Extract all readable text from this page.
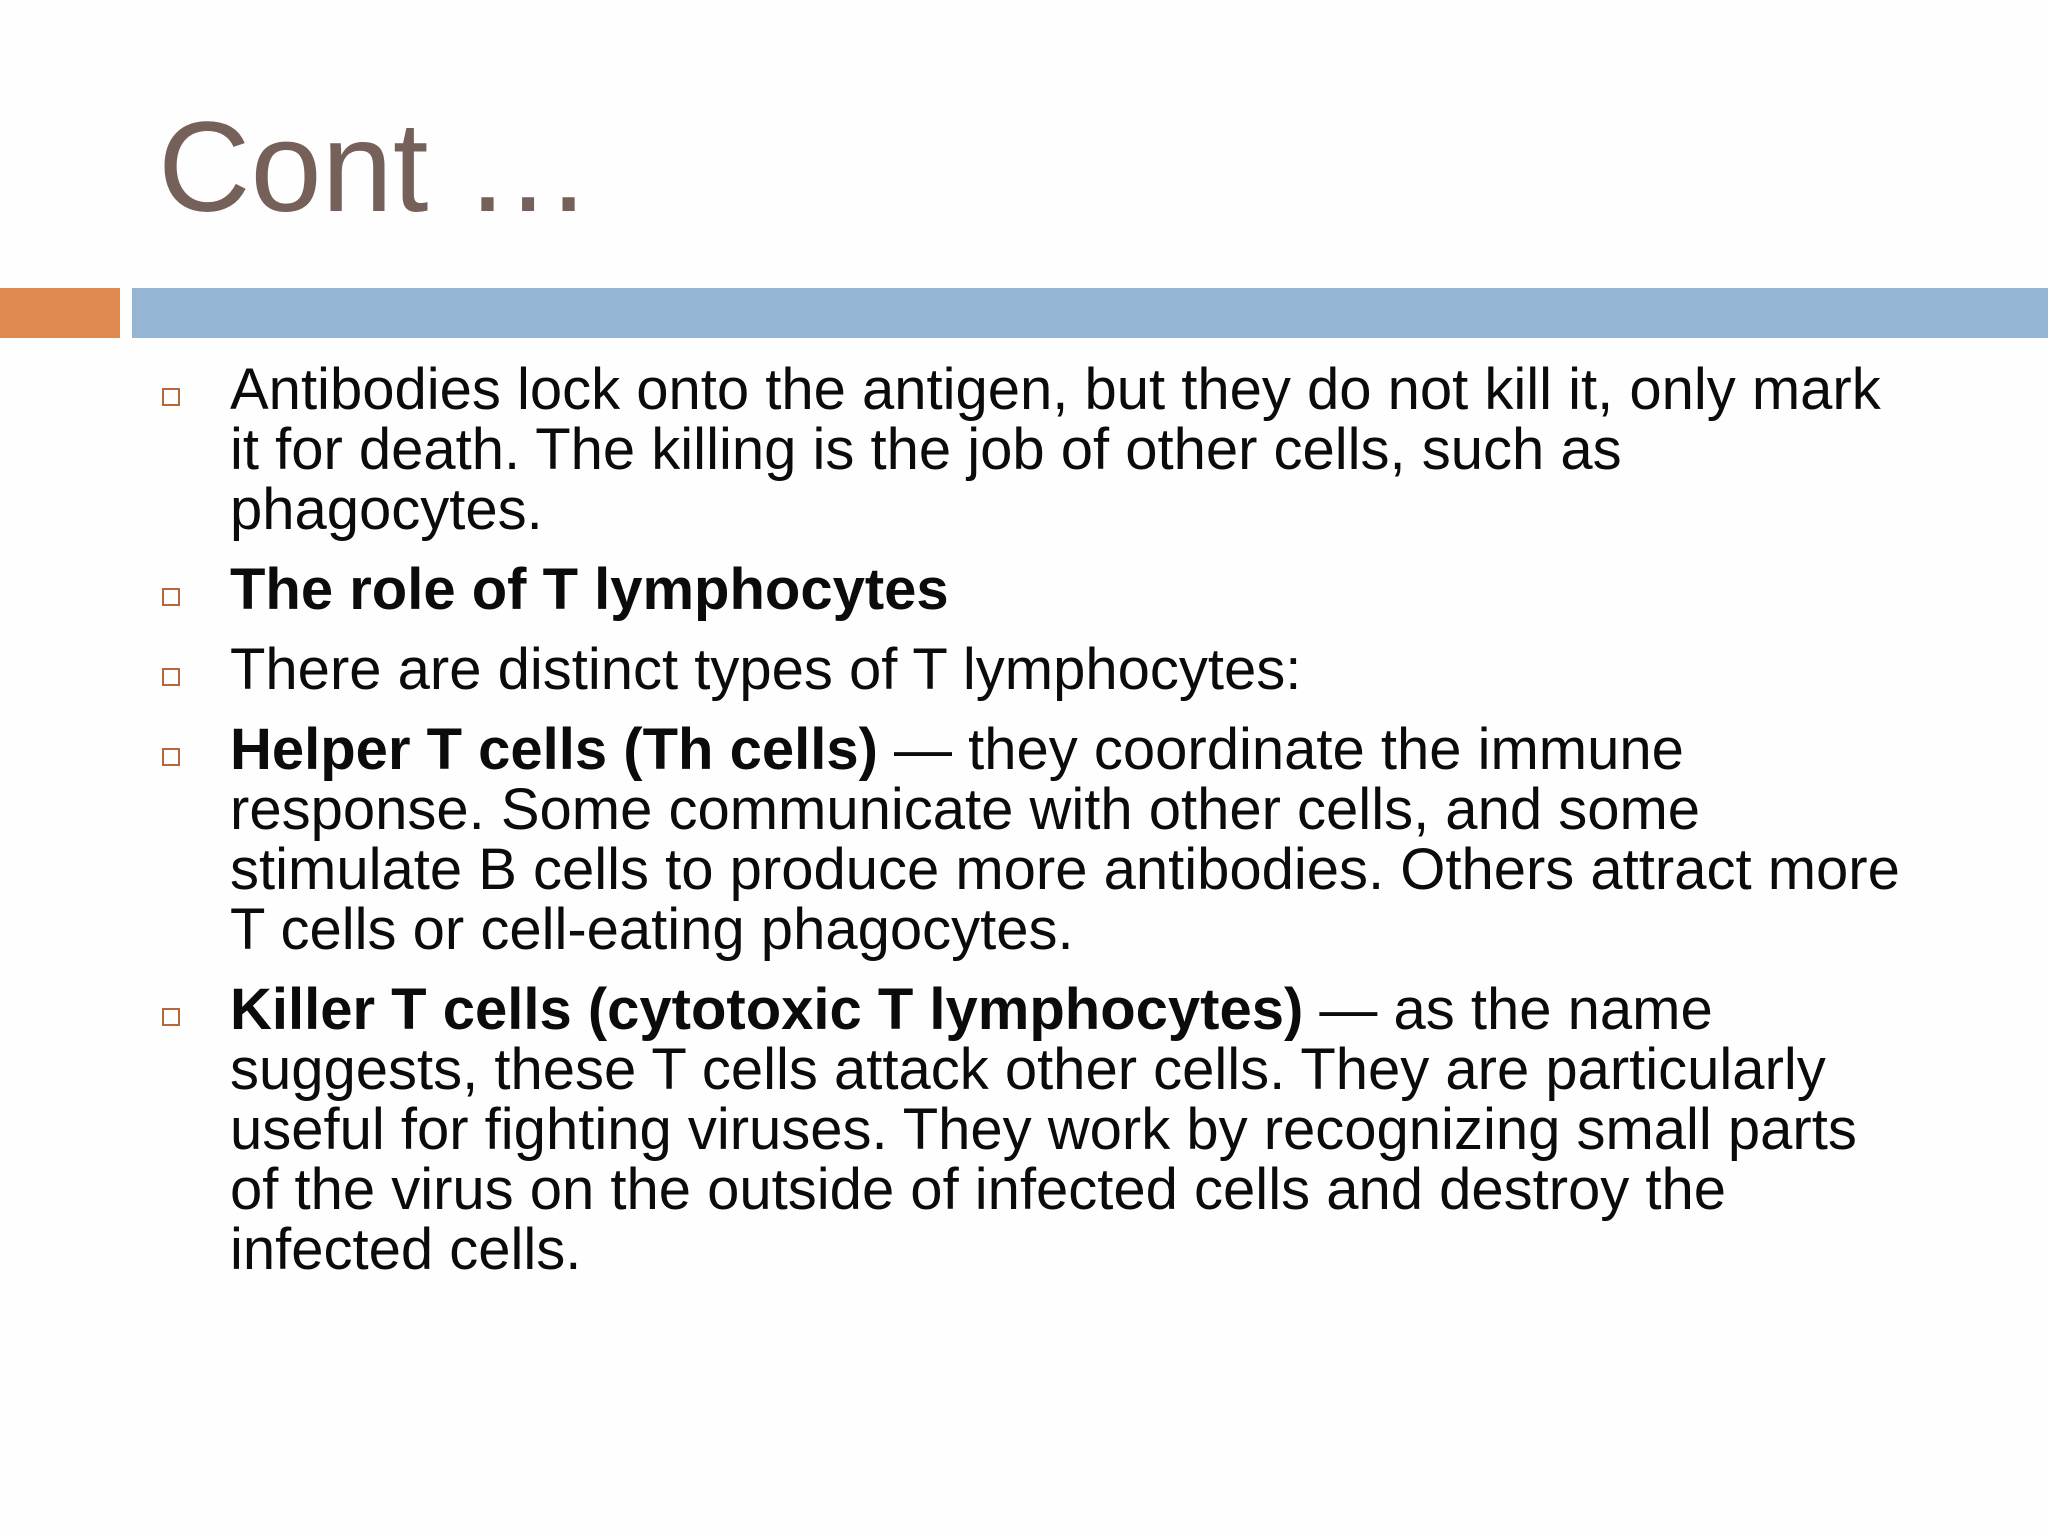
Cont …
Antibodies lock onto the antigen, but they do not kill it, only mark it for death. The killing is the job of other cells, such as phagocytes.
The role of T lymphocytes
There are distinct types of T lymphocytes:
Helper T cells (Th cells) — they coordinate the immune response. Some communicate with other cells, and some stimulate B cells to produce more antibodies. Others attract more T cells or cell-eating phagocytes.
Killer T cells (cytotoxic T lymphocytes) — as the name suggests, these T cells attack other cells. They are particularly useful for fighting viruses. They work by recognizing small parts of the virus on the outside of infected cells and destroy the infected cells.
